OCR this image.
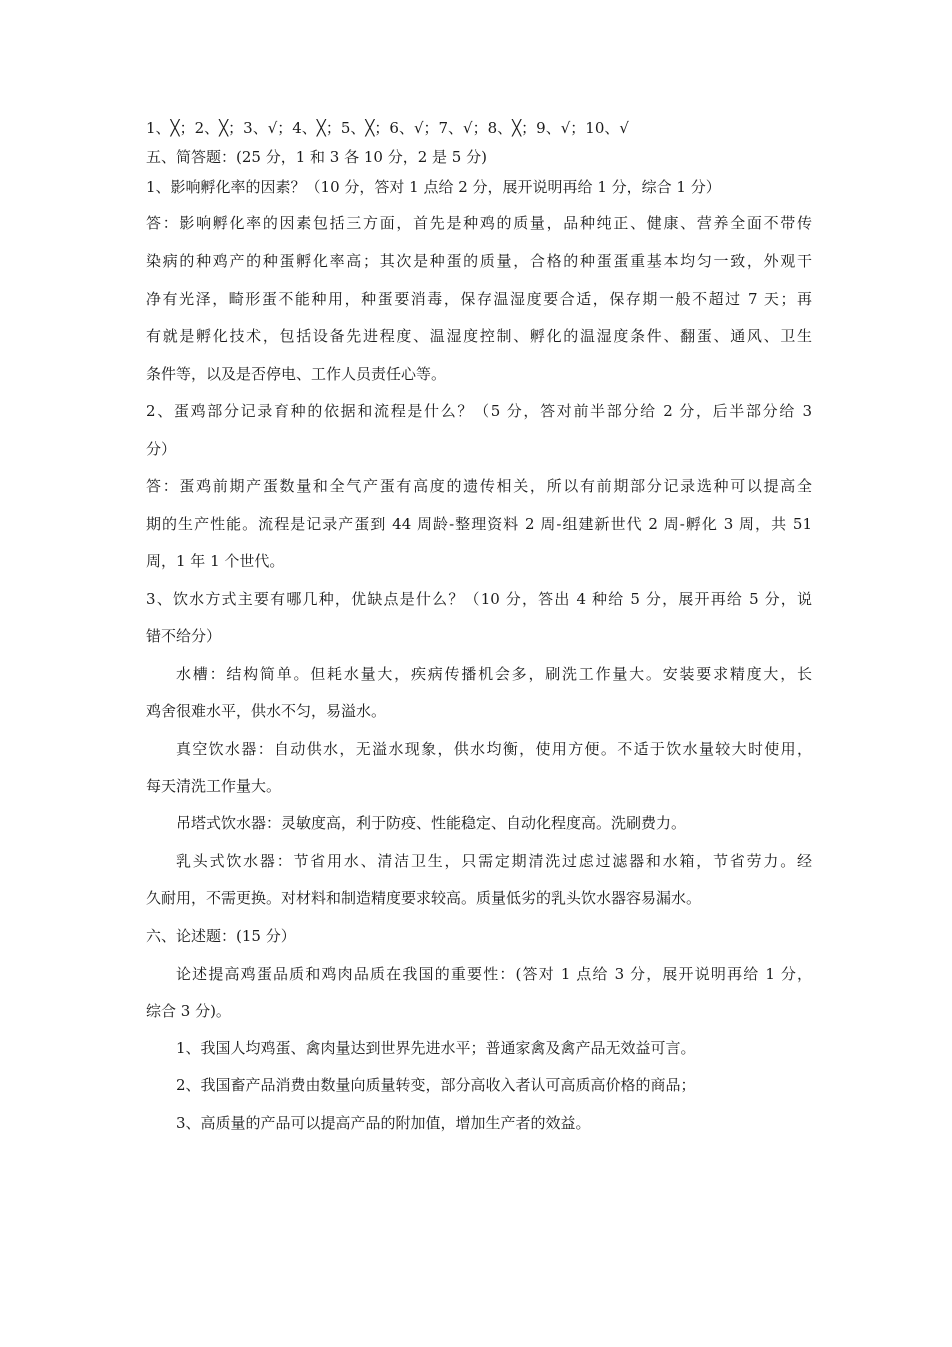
1、╳；2、╳；3、√；4、╳；5、╳；6、√；7、√；8、╳；9、√；10、√
五、简答题：(25 分，1 和 3 各 10 分，2 是 5 分)
1、影响孵化率的因素？（10 分，答对 1 点给 2 分，展开说明再给 1 分，综合 1 分）
答：影响孵化率的因素包括三方面，首先是种鸡的质量，品种纯正、健康、营养全面不带传
染病的种鸡产的种蛋孵化率高；其次是种蛋的质量，合格的种蛋蛋重基本均匀一致，外观干
净有光泽，畸形蛋不能种用，种蛋要消毒，保存温湿度要合适，保存期一般不超过 7 天；再
有就是孵化技术，包括设备先进程度、温湿度控制、孵化的温湿度条件、翻蛋、通风、卫生
条件等，以及是否停电、工作人员责任心等。
2、蛋鸡部分记录育种的依据和流程是什么？（5 分，答对前半部分给 2 分，后半部分给 3
分）
答：蛋鸡前期产蛋数量和全气产蛋有高度的遗传相关，所以有前期部分记录选种可以提高全
期的生产性能。流程是记录产蛋到 44 周龄-整理资料 2 周-组建新世代 2 周-孵化 3 周，共 51
周，1 年 1 个世代。
3、饮水方式主要有哪几种，优缺点是什么？（10 分，答出 4 种给 5 分，展开再给 5 分，说
错不给分）
水槽：结构简单。但耗水量大，疾病传播机会多，刷洗工作量大。安装要求精度大，长
鸡舍很难水平，供水不匀，易溢水。
真空饮水器：自动供水，无溢水现象，供水均衡，使用方便。不适于饮水量较大时使用，
每天清洗工作量大。
吊塔式饮水器：灵敏度高，利于防疫、性能稳定、自动化程度高。洗刷费力。
乳头式饮水器：节省用水、清洁卫生，只需定期清洗过虑过滤器和水箱，节省劳力。经
久耐用，不需更换。对材料和制造精度要求较高。质量低劣的乳头饮水器容易漏水。
六、论述题：(15 分）
论述提高鸡蛋品质和鸡肉品质在我国的重要性：(答对 1 点给 3 分，展开说明再给 1 分，
综合 3 分)。
1、我国人均鸡蛋、禽肉量达到世界先进水平；普通家禽及禽产品无效益可言。
2、我国畜产品消费由数量向质量转变，部分高收入者认可高质高价格的商品；
3、高质量的产品可以提高产品的附加值，增加生产者的效益。
